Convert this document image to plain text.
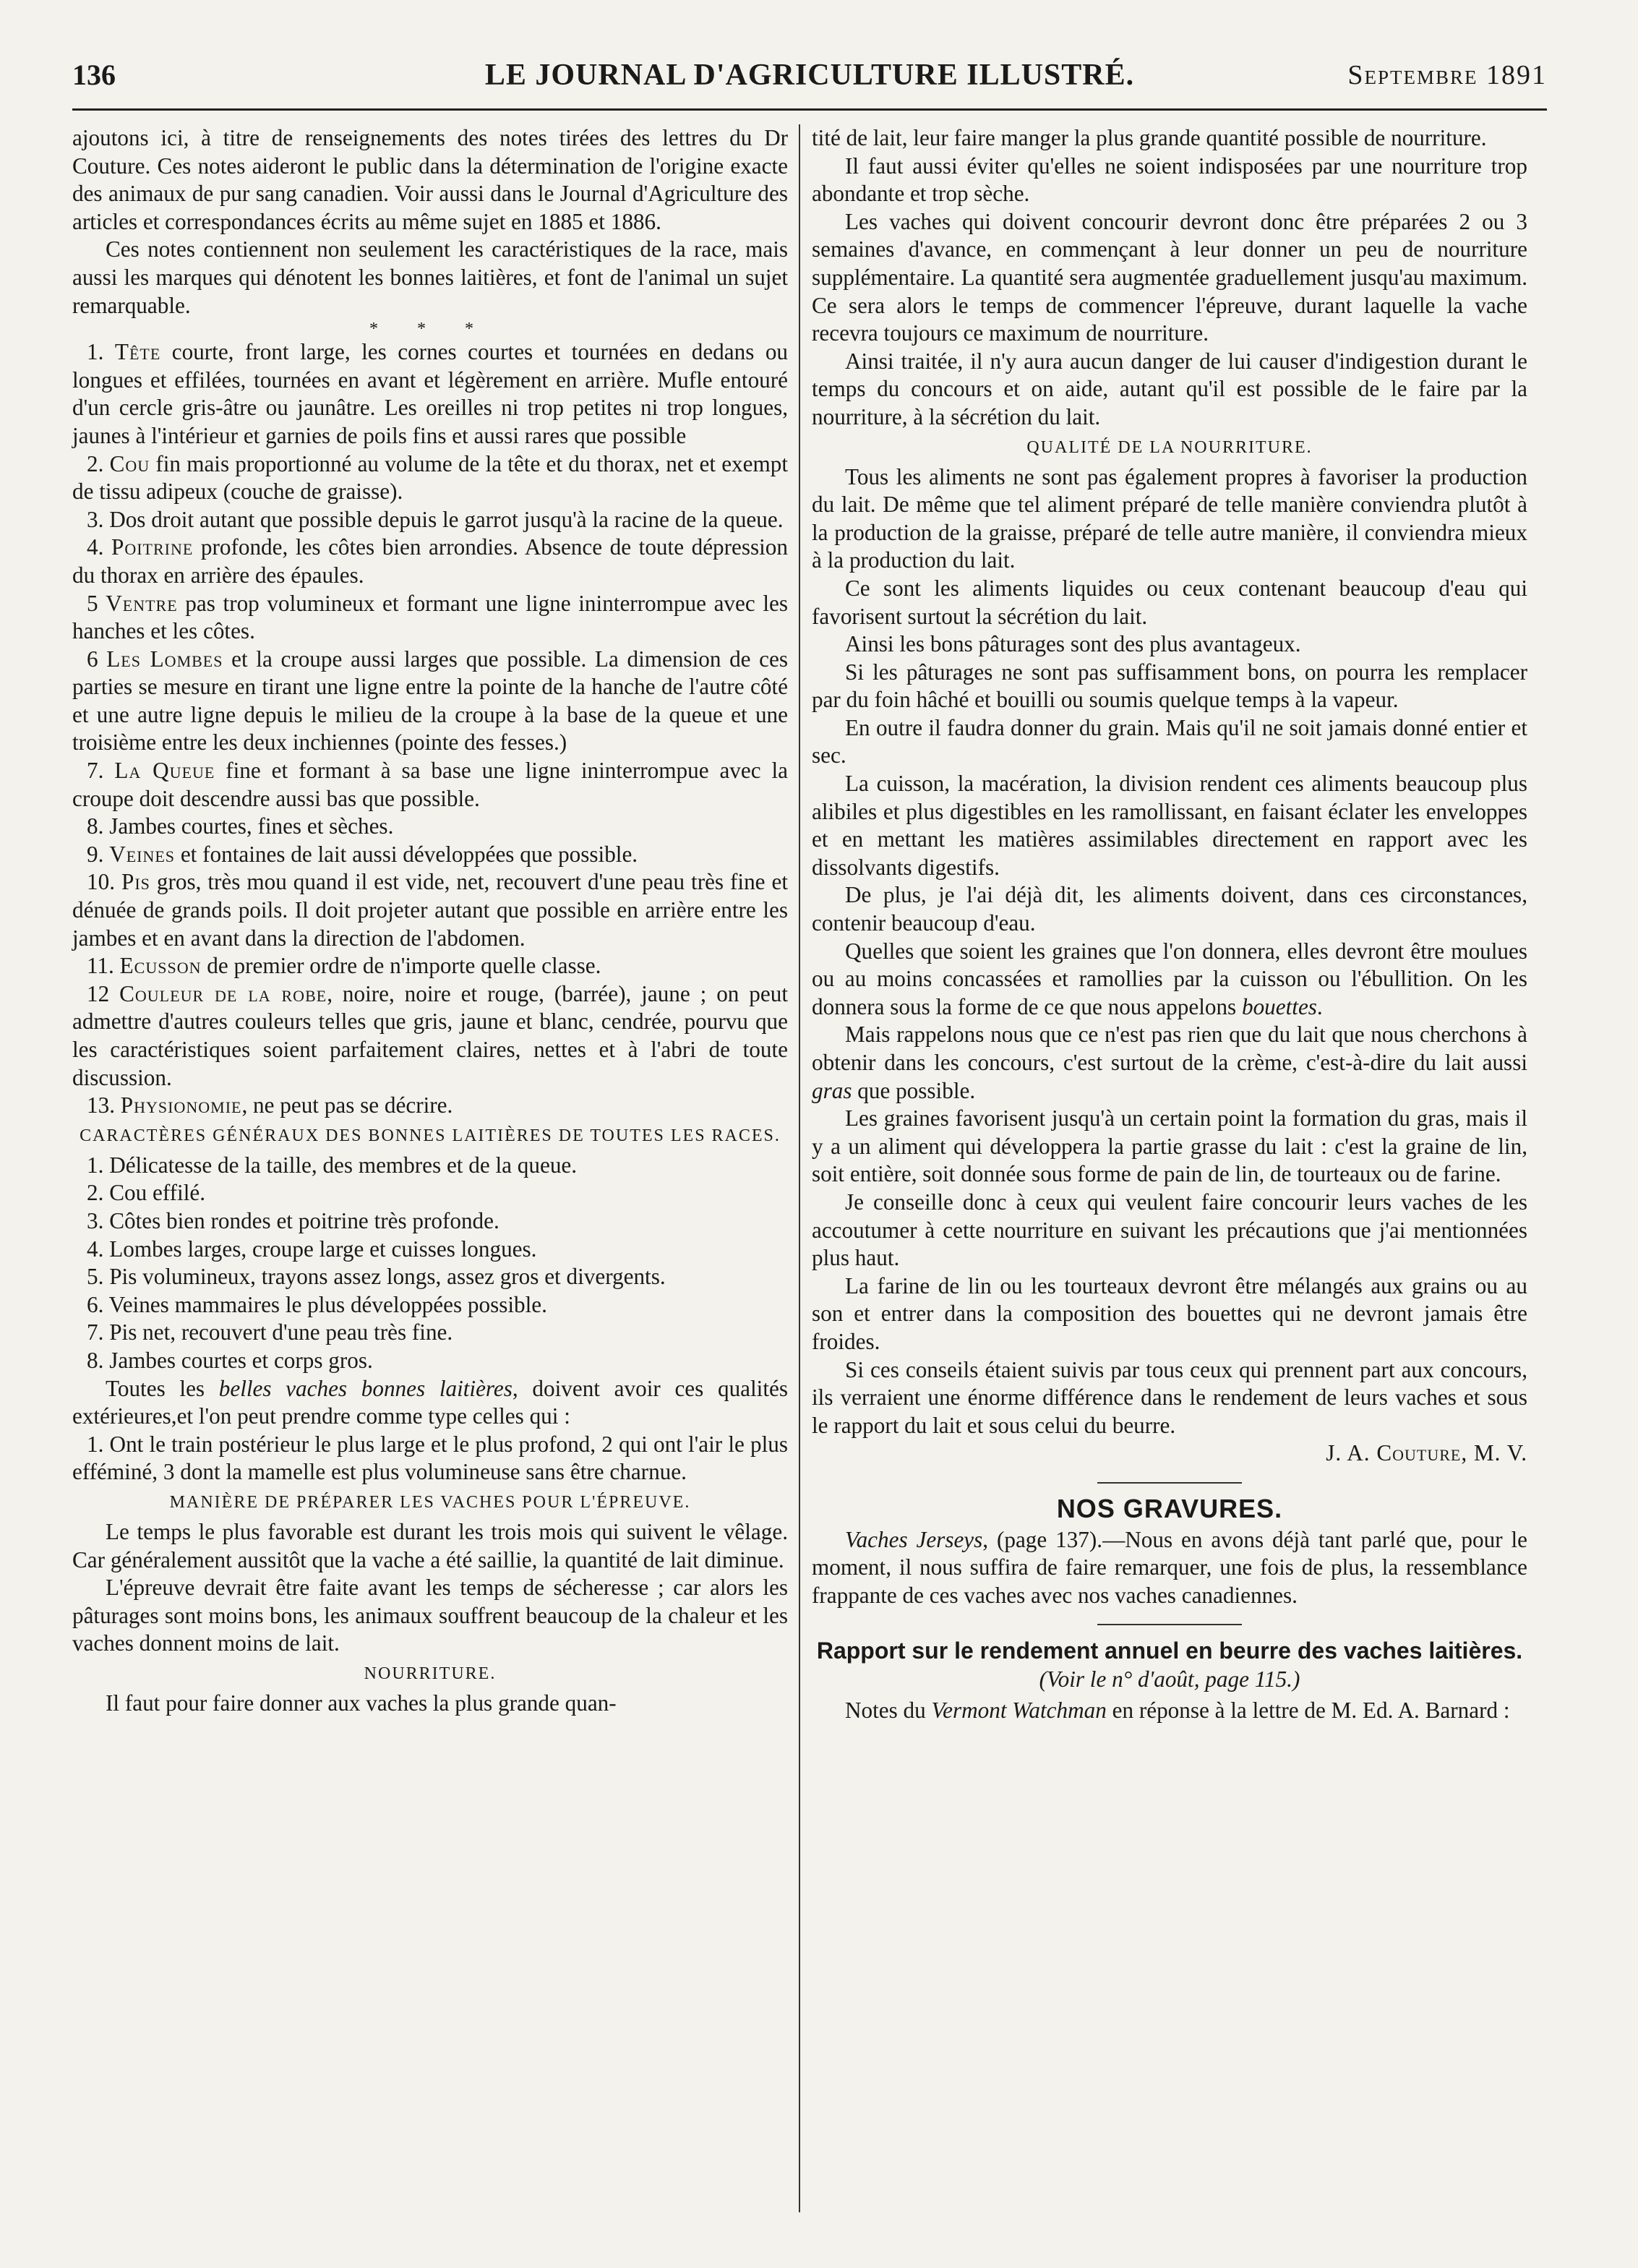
136	LE JOURNAL D'AGRICULTURE ILLUSTRÉ.	Septembre 1891

ajoutons ici, à titre de renseignements des notes tirées des lettres du Dr Couture. Ces notes aideront le public dans la détermination de l'origine exacte des animaux de pur sang canadien. Voir aussi dans le Journal d'Agriculture des articles et correspondances écrits au même sujet en 1885 et 1886.

Ces notes contiennent non seulement les caractéristiques de la race, mais aussi les marques qui dénotent les bonnes laitières, et font de l'animal un sujet remarquable.

* * *

1. Tête courte, front large, les cornes courtes et tournées en dedans ou longues et effilées, tournées en avant et légèrement en arrière. Mufle entouré d'un cercle gris-âtre ou jaunâtre. Les oreilles ni trop petites ni trop longues, jaunes à l'intérieur et garnies de poils fins et aussi rares que possible

2. Cou fin mais proportionné au volume de la tête et du thorax, net et exempt de tissu adipeux (couche de graisse).

3. Dos droit autant que possible depuis le garrot jusqu'à la racine de la queue.

4. Poitrine profonde, les côtes bien arrondies. Absence de toute dépression du thorax en arrière des épaules.

5 Ventre pas trop volumineux et formant une ligne ininterrompue avec les hanches et les côtes.

6 Les Lombes et la croupe aussi larges que possible. La dimension de ces parties se mesure en tirant une ligne entre la pointe de la hanche de l'autre côté et une autre ligne depuis le milieu de la croupe à la base de la queue et une troisième entre les deux inchiennes (pointe des fesses.)

7. La Queue fine et formant à sa base une ligne ininterrompue avec la croupe doit descendre aussi bas que possible.

8. Jambes courtes, fines et sèches.

9. Veines et fontaines de lait aussi développées que possible.

10. Pis gros, très mou quand il est vide, net, recouvert d'une peau très fine et dénuée de grands poils. Il doit projeter autant que possible en arrière entre les jambes et en avant dans la direction de l'abdomen.

11. Ecusson de premier ordre de n'importe quelle classe.

12 Couleur de la robe, noire, noire et rouge, (barrée), jaune ; on peut admettre d'autres couleurs telles que gris, jaune et blanc, cendrée, pourvu que les caractéristiques soient parfaitement claires, nettes et à l'abri de toute discussion.

13. Physionomie, ne peut pas se décrire.

CARACTÈRES GÉNÉRAUX DES BONNES LAITIÈRES DE TOUTES LES RACES.

1. Délicatesse de la taille, des membres et de la queue.

2. Cou effilé.

3. Côtes bien rondes et poitrine très profonde.

4. Lombes larges, croupe large et cuisses longues.

5. Pis volumineux, trayons assez longs, assez gros et divergents.

6. Veines mammaires le plus développées possible.

7. Pis net, recouvert d'une peau très fine.

8. Jambes courtes et corps gros.

Toutes les belles vaches bonnes laitières, doivent avoir ces qualités extérieures,et l'on peut prendre comme type celles qui :

1. Ont le train postérieur le plus large et le plus profond, 2 qui ont l'air le plus efféminé, 3 dont la mamelle est plus volumineuse sans être charnue.

MANIÈRE DE PRÉPARER LES VACHES POUR L'ÉPREUVE.

Le temps le plus favorable est durant les trois mois qui suivent le vêlage. Car généralement aussitôt que la vache a été saillie, la quantité de lait diminue.

L'épreuve devrait être faite avant les temps de sécheresse ; car alors les pâturages sont moins bons, les animaux souffrent beaucoup de la chaleur et les vaches donnent moins de lait.

NOURRITURE.

Il faut pour faire donner aux vaches la plus grande quan-

tité de lait, leur faire manger la plus grande quantité possible de nourriture.

Il faut aussi éviter qu'elles ne soient indisposées par une nourriture trop abondante et trop sèche.

Les vaches qui doivent concourir devront donc être préparées 2 ou 3 semaines d'avance, en commençant à leur donner un peu de nourriture supplémentaire. La quantité sera augmentée graduellement jusqu'au maximum. Ce sera alors le temps de commencer l'épreuve, durant laquelle la vache recevra toujours ce maximum de nourriture.

Ainsi traitée, il n'y aura aucun danger de lui causer d'indigestion durant le temps du concours et on aide, autant qu'il est possible de le faire par la nourriture, à la sécrétion du lait.

QUALITÉ DE LA NOURRITURE.

Tous les aliments ne sont pas également propres à favoriser la production du lait. De même que tel aliment préparé de telle manière conviendra plutôt à la production de la graisse, préparé de telle autre manière, il conviendra mieux à la production du lait.

Ce sont les aliments liquides ou ceux contenant beaucoup d'eau qui favorisent surtout la sécrétion du lait.

Ainsi les bons pâturages sont des plus avantageux.

Si les pâturages ne sont pas suffisamment bons, on pourra les remplacer par du foin hâché et bouilli ou soumis quelque temps à la vapeur.

En outre il faudra donner du grain. Mais qu'il ne soit jamais donné entier et sec.

La cuisson, la macération, la division rendent ces aliments beaucoup plus alibiles et plus digestibles en les ramollissant, en faisant éclater les enveloppes et en mettant les matières assimilables directement en rapport avec les dissolvants digestifs.

De plus, je l'ai déjà dit, les aliments doivent, dans ces circonstances, contenir beaucoup d'eau.

Quelles que soient les graines que l'on donnera, elles devront être moulues ou au moins concassées et ramollies par la cuisson ou l'ébullition. On les donnera sous la forme de ce que nous appelons bouettes.

Mais rappelons nous que ce n'est pas rien que du lait que nous cherchons à obtenir dans les concours, c'est surtout de la crème, c'est-à-dire du lait aussi gras que possible.

Les graines favorisent jusqu'à un certain point la formation du gras, mais il y a un aliment qui développera la partie grasse du lait : c'est la graine de lin, soit entière, soit donnée sous forme de pain de lin, de tourteaux ou de farine.

Je conseille donc à ceux qui veulent faire concourir leurs vaches de les accoutumer à cette nourriture en suivant les précautions que j'ai mentionnées plus haut.

La farine de lin ou les tourteaux devront être mélangés aux grains ou au son et entrer dans la composition des bouettes qui ne devront jamais être froides.

Si ces conseils étaient suivis par tous ceux qui prennent part aux concours, ils verraient une énorme différence dans le rendement de leurs vaches et sous le rapport du lait et sous celui du beurre.

J. A. Couture, M. V.

NOS GRAVURES.

Vaches Jerseys, (page 137).—Nous en avons déjà tant parlé que, pour le moment, il nous suffira de faire remarquer, une fois de plus, la ressemblance frappante de ces vaches avec nos vaches canadiennes.

Rapport sur le rendement annuel en beurre des vaches laitières.
(Voir le n° d'août, page 115.)

Notes du Vermont Watchman en réponse à la lettre de M. Ed. A. Barnard :
